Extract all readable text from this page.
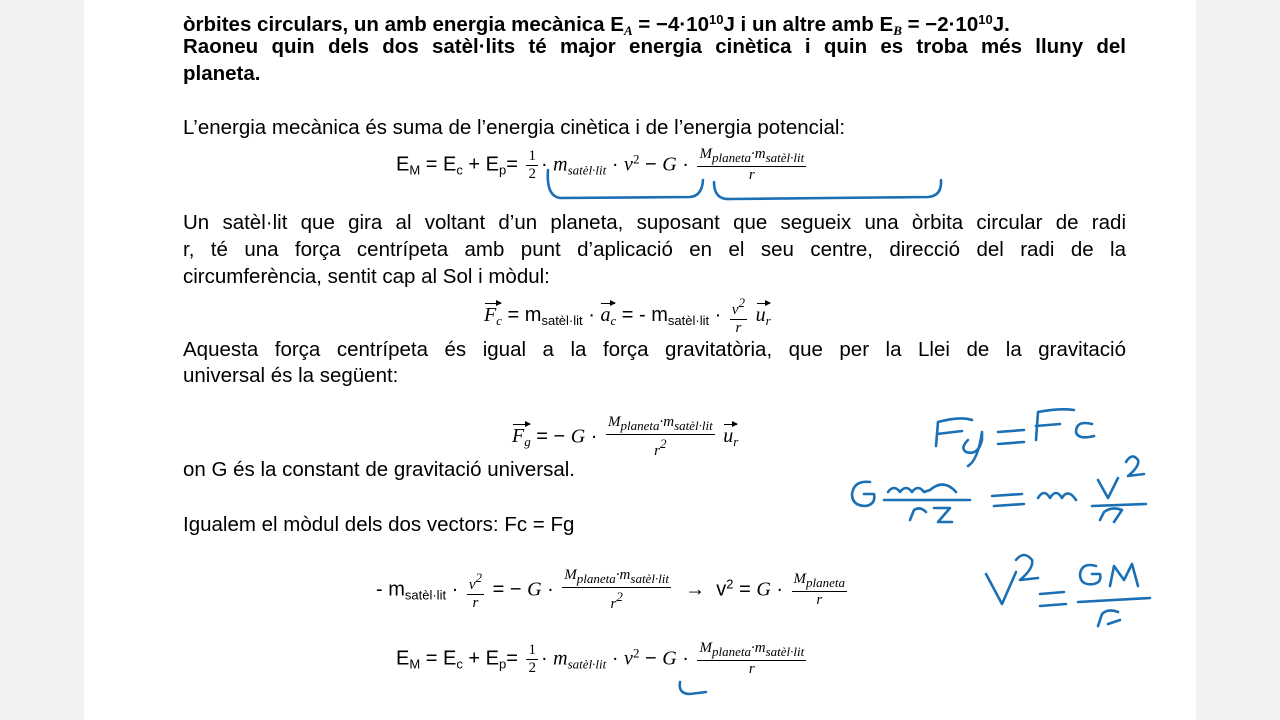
òrbites circulars, un amb energia mecànica $E_A = -4\cdot 10^{10}J$ i un altre amb $E_B = -2\cdot 10^{10}J$.
Raoneu quin dels dos satèl·lits té major energia cinètica i quin es troba més lluny del
planeta.
L’energia mecànica és suma de l’energia cinètica i de l’energia potencial:
$E_M = E_c + E_p= \frac{1}{2} \cdot m_{satèl\cdot lit} \cdot v^2 - G \cdot \frac{M_{planeta}\cdot m_{satèl\cdot lit}}{r}$
Un satèl·lit que gira al voltant d’un planeta, suposant que segueix una òrbita circular de radi
r, té una força centrípeta amb punt d’aplicació en el seu centre, direcció del radi de la
circumferència, sentit cap al Sol i mòdul:
$F_c = m_{satèl\cdot lit} \cdot a_c$ = - $m_{satèl\cdot lit} \cdot \frac{v^2}{r} u_r$
Aquesta força centrípeta és igual a la força gravitatòria, que per la Llei de la gravitació
universal és la següent:
$F_g$ = − $G \cdot \frac{M_{planeta}\cdot m_{satèl\cdot lit}}{r^2} u_r$
on G és la constant de gravitació universal.
Igualem el mòdul dels dos vectors: Fc = Fg
- $m_{satèl\cdot lit} \cdot \frac{v^2}{r}$ = − $G \cdot \frac{M_{planeta}\cdot m_{satèl\cdot lit}}{r^2} \to v^2 = G \cdot \frac{M_{planeta}}{r}$
$E_M = E_c + E_p= \frac{1}{2} \cdot m_{satèl\cdot lit} \cdot v^2 - G \cdot \frac{M_{planeta}\cdot m_{satèl\cdot lit}}{r}$
